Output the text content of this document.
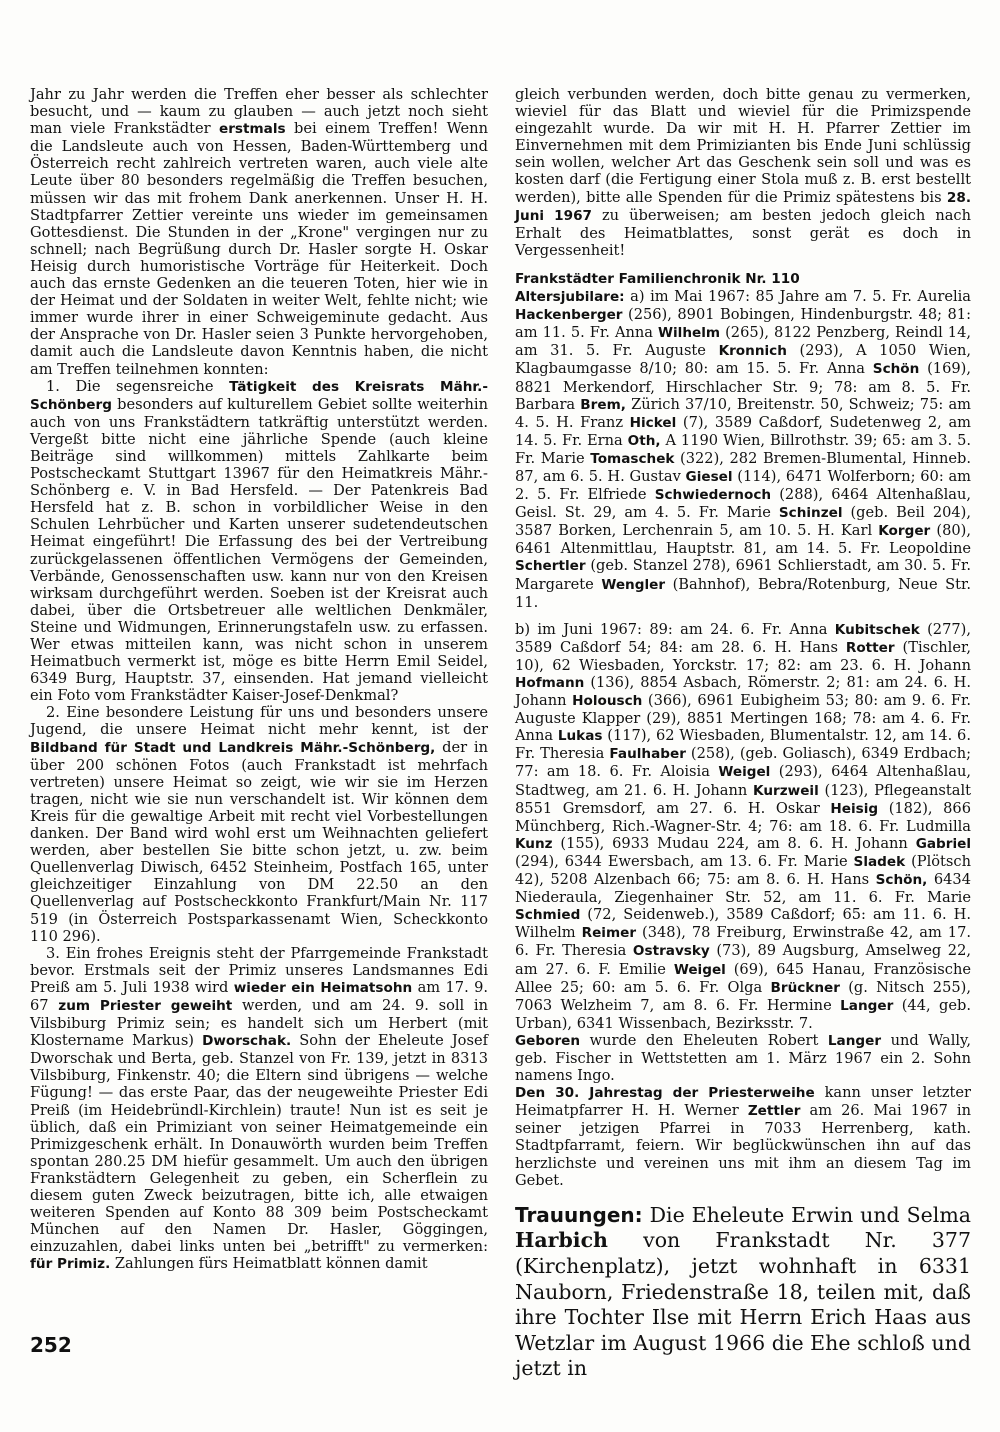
Jahr zu Jahr werden die Treffen eher besser als schlechter besucht, und — kaum zu glauben — auch jetzt noch sieht man viele Frankstädter erstmals bei einem Treffen! Wenn die Landsleute auch von Hessen, Baden-Württemberg und Österreich recht zahlreich vertreten waren, auch viele alte Leute über 80 besonders regelmäßig die Treffen besuchen, müssen wir das mit frohem Dank anerkennen. Unser H. H. Stadtpfarrer Zettier vereinte uns wieder im gemeinsamen Gottesdienst. Die Stunden in der „Krone" vergingen nur zu schnell; nach Begrüßung durch Dr. Hasler sorgte H. Oskar Heisig durch humoristische Vorträge für Heiterkeit. Doch auch das ernste Gedenken an die teueren Toten, hier wie in der Heimat und der Soldaten in weiter Welt, fehlte nicht; wie immer wurde ihrer in einer Schweigeminute gedacht. Aus der Ansprache von Dr. Hasler seien 3 Punkte hervorgehoben, damit auch die Landsleute davon Kenntnis haben, die nicht am Treffen teilnehmen konnten:

1. Die segensreiche Tätigkeit des Kreisrats Mähr.-Schönberg besonders auf kulturellem Gebiet sollte weiterhin auch von uns Frankstädtern tatkräftig unterstützt werden. Vergeßt bitte nicht eine jährliche Spende (auch kleine Beiträge sind willkommen) mittels Zahlkarte beim Postscheckamt Stuttgart 13967 für den Heimatkreis Mähr.-Schönberg e. V. in Bad Hersfeld. — Der Patenkreis Bad Hersfeld hat z. B. schon in vorbildlicher Weise in den Schulen Lehrbücher und Karten unserer sudetendeutschen Heimat eingeführt! Die Erfassung des bei der Vertreibung zurückgelassenen öffentlichen Vermögens der Gemeinden, Verbände, Genossenschaften usw. kann nur von den Kreisen wirksam durchgeführt werden. Soeben ist der Kreisrat auch dabei, über die Ortsbetreuer alle weltlichen Denkmäler, Steine und Widmungen, Erinnerungstafeln usw. zu erfassen. Wer etwas mitteilen kann, was nicht schon in unserem Heimatbuch vermerkt ist, möge es bitte Herrn Emil Seidel, 6349 Burg, Hauptstr. 37, einsenden. Hat jemand vielleicht ein Foto vom Frankstädter Kaiser-Josef-Denkmal?

2. Eine besondere Leistung für uns und besonders unsere Jugend, die unsere Heimat nicht mehr kennt, ist der Bildband für Stadt und Landkreis Mähr.-Schönberg, der in über 200 schönen Fotos (auch Frankstadt ist mehrfach vertreten) unsere Heimat so zeigt, wie wir sie im Herzen tragen, nicht wie sie nun verschandelt ist. Wir können dem Kreis für die gewaltige Arbeit mit recht viel Vorbestellungen danken. Der Band wird wohl erst um Weihnachten geliefert werden, aber bestellen Sie bitte schon jetzt, u. zw. beim Quellenverlag Diwisch, 6452 Steinheim, Postfach 165, unter gleichzeitiger Einzahlung von DM 22.50 an den Quellenverlag auf Postscheckkonto Frankfurt/Main Nr. 117 519 (in Österreich Postsparkassenamt Wien, Scheckkonto 110 296).

3. Ein frohes Ereignis steht der Pfarrgemeinde Frankstadt bevor. Erstmals seit der Primiz unseres Landsmannes Edi Preiß am 5. Juli 1938 wird wieder ein Heimatsohn am 17. 9. 67 zum Priester geweiht werden, und am 24. 9. soll in Vilsbiburg Primiz sein; es handelt sich um Herbert (mit Klostername Markus) Dworschak. Sohn der Eheleute Josef Dworschak und Berta, geb. Stanzel von Fr. 139, jetzt in 8313 Vilsbiburg, Finkenstr. 40; die Eltern sind übrigens — welche Fügung! — das erste Paar, das der neugeweihte Priester Edi Preiß (im Heidebründl-Kirchlein) traute! Nun ist es seit je üblich, daß ein Primiziant von seiner Heimatgemeinde ein Primizgeschenk erhält. In Donauwörth wurden beim Treffen spontan 280.25 DM hiefür gesammelt. Um auch den übrigen Frankstädtern Gelegenheit zu geben, ein Scherflein zu diesem guten Zweck beizutragen, bitte ich, alle etwaigen weiteren Spenden auf Konto 88 309 beim Postscheckamt München auf den Namen Dr. Hasler, Göggingen, einzuzahlen, dabei links unten bei „betrifft" zu vermerken: für Primiz. Zahlungen fürs Heimatblatt können damit

gleich verbunden werden, doch bitte genau zu vermerken, wieviel für das Blatt und wieviel für die Primizspende eingezahlt wurde. Da wir mit H. H. Pfarrer Zettier im Einvernehmen mit dem Primizianten bis Ende Juni schlüssig sein wollen, welcher Art das Geschenk sein soll und was es kosten darf (die Fertigung einer Stola muß z. B. erst bestellt werden), bitte alle Spenden für die Primiz spätestens bis 28. Juni 1967 zu überweisen; am besten jedoch gleich nach Erhalt des Heimatblattes, sonst gerät es doch in Vergessenheit!

Frankstädter Familienchronik Nr. 110

Altersjubilare: a) im Mai 1967: 85 Jahre am 7. 5. Fr. Aurelia Hackenberger (256), 8901 Bobingen, Hindenburgstr. 48; 81: am 11. 5. Fr. Anna Wilhelm (265), 8122 Penzberg, Reindl 14, am 31. 5. Fr. Auguste Kronnich (293), A 1050 Wien, Klagbaumgasse 8/10; 80: am 15. 5. Fr. Anna Schön (169), 8821 Merkendorf, Hirschlacher Str. 9; 78: am 8. 5. Fr. Barbara Brem, Zürich 37/10, Breitenstr. 50, Schweiz; 75: am 4. 5. H. Franz Hickel (7), 3589 Caßdorf, Sudetenweg 2, am 14. 5. Fr. Erna Oth, A 1190 Wien, Billrothstr. 39; 65: am 3. 5. Fr. Marie Tomaschek (322), 282 Bremen-Blumental, Hinneb. 87, am 6. 5. H. Gustav Giesel (114), 6471 Wolferborn; 60: am 2. 5. Fr. Elfriede Schwiedernoch (288), 6464 Altenhaßlau, Geisl. St. 29, am 4. 5. Fr. Marie Schinzel (geb. Beil 204), 3587 Borken, Lerchenrain 5, am 10. 5. H. Karl Korger (80), 6461 Altenmittlau, Hauptstr. 81, am 14. 5. Fr. Leopoldine Schertler (geb. Stanzel 278), 6961 Schlierstadt, am 30. 5. Fr. Margarete Wengler (Bahnhof), Bebra/Rotenburg, Neue Str. 11.

b) im Juni 1967: 89: am 24. 6. Fr. Anna Kubitschek (277), 3589 Caßdorf 54; 84: am 28. 6. H. Hans Rotter (Tischler, 10), 62 Wiesbaden, Yorckstr. 17; 82: am 23. 6. H. Johann Hofmann (136), 8854 Asbach, Römerstr. 2; 81: am 24. 6. H. Johann Holousch (366), 6961 Eubigheim 53; 80: am 9. 6. Fr. Auguste Klapper (29), 8851 Mertingen 168; 78: am 4. 6. Fr. Anna Lukas (117), 62 Wiesbaden, Blumentalstr. 12, am 14. 6. Fr. Theresia Faulhaber (258), (geb. Goliasch), 6349 Erdbach; 77: am 18. 6. Fr. Aloisia Weigel (293), 6464 Altenhaßlau, Stadtweg, am 21. 6. H. Johann Kurzweil (123), Pflegeanstalt 8551 Gremsdorf, am 27. 6. H. Oskar Heisig (182), 866 Münchberg, Rich.-Wagner-Str. 4; 76: am 18. 6. Fr. Ludmilla Kunz (155), 6933 Mudau 224, am 8. 6. H. Johann Gabriel (294), 6344 Ewersbach, am 13. 6. Fr. Marie Sladek (Plötsch 42), 5208 Alzenbach 66; 75: am 8. 6. H. Hans Schön, 6434 Niederaula, Ziegenhainer Str. 52, am 11. 6. Fr. Marie Schmied (72, Seidenweb.), 3589 Caßdorf; 65: am 11. 6. H. Wilhelm Reimer (348), 78 Freiburg, Erwinstraße 42, am 17. 6. Fr. Theresia Ostravsky (73), 89 Augsburg, Amselweg 22, am 27. 6. F. Emilie Weigel (69), 645 Hanau, Französische Allee 25; 60: am 5. 6. Fr. Olga Brückner (g. Nitsch 255), 7063 Welzheim 7, am 8. 6. Fr. Hermine Langer (44, geb. Urban), 6341 Wissenbach, Bezirksstr. 7.

Geboren wurde den Eheleuten Robert Langer und Wally, geb. Fischer in Wettstetten am 1. März 1967 ein 2. Sohn namens Ingo.

Den 30. Jahrestag der Priesterweihe kann unser letzter Heimatpfarrer H. H. Werner Zettler am 26. Mai 1967 in seiner jetzigen Pfarrei in 7033 Herrenberg, kath. Stadtpfarramt, feiern. Wir beglückwünschen ihn auf das herzlichste und vereinen uns mit ihm an diesem Tag im Gebet.

Trauungen: Die Eheleute Erwin und Selma Harbich von Frankstadt Nr. 377 (Kirchenplatz), jetzt wohnhaft in 6331 Nauborn, Friedenstraße 18, teilen mit, daß ihre Tochter Ilse mit Herrn Erich Haas aus Wetzlar im August 1966 die Ehe schloß und jetzt in

252
